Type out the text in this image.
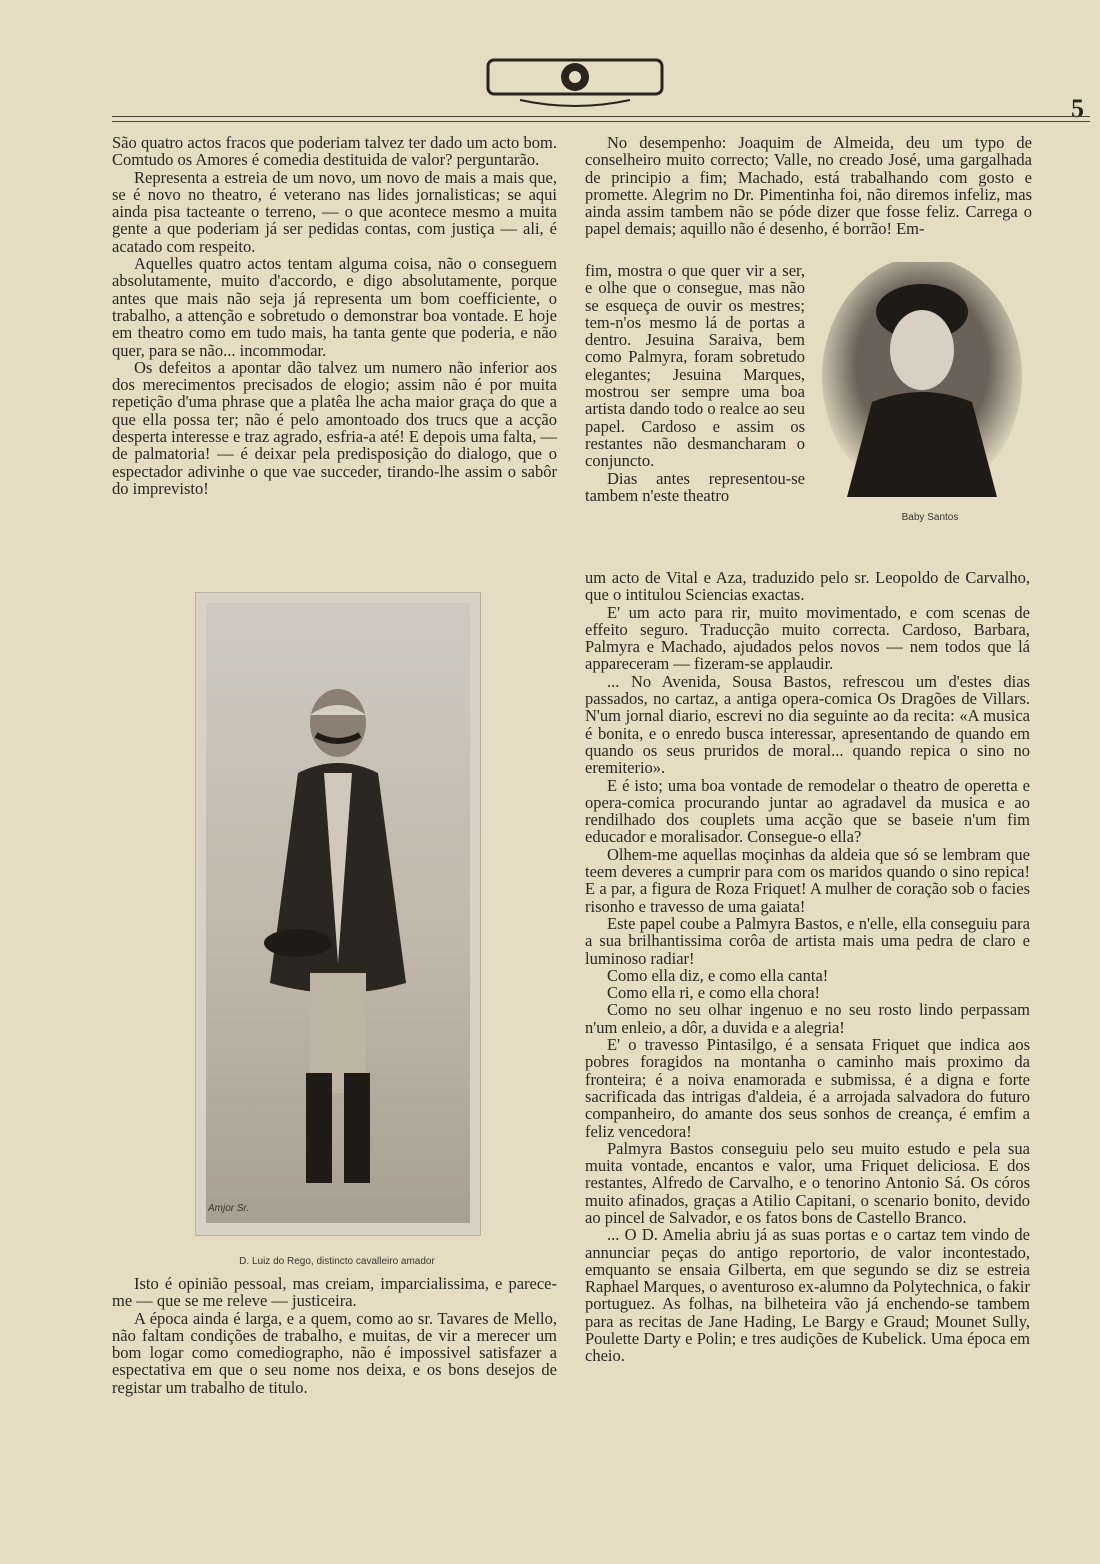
5

São quatro actos fracos que poderiam talvez ter dado um acto bom. Comtudo os Amores é comedia destituida de valor? perguntarão.

Representa a estreia de um novo, um novo de mais a mais que, se é novo no theatro, é veterano nas lides jornalisticas; se aqui ainda pisa tacteante o terreno, — o que acontece mesmo a muita gente a que poderiam já ser pedidas contas, com justiça — ali, é acatado com respeito.

Aquelles quatro actos tentam alguma coisa, não o conseguem absolutamente, muito d'accordo, e digo absolutamente, porque antes que mais não seja já representa um bom coefficiente, o trabalho, a attenção e sobretudo o demonstrar boa vontade. E hoje em theatro como em tudo mais, ha tanta gente que poderia, e não quer, para se não... incommodar.

Os defeitos a apontar dão talvez um numero não inferior aos dos merecimentos precisados de elogio; assim não é por muita repetição d'uma phrase que a platêa lhe acha maior graça do que a que ella possa ter; não é pelo amontoado dos trucs que a acção desperta interesse e traz agrado, esfria-a até! E depois uma falta, — de palmatoria! — é deixar pela predisposição do dialogo, que o espectador adivinhe o que vae succeder, tirando-lhe assim o sabôr do imprevisto!

Amjor Sr.
D. Luiz do Rego, distincto cavalleiro amador

Isto é opinião pessoal, mas creiam, imparcialissima, e parece-me — que se me releve — justiceira.

A época ainda é larga, e a quem, como ao sr. Tavares de Mello, não faltam condições de trabalho, e muitas, de vir a merecer um bom logar como comediographo, não é impossivel satisfazer a espectativa em que o seu nome nos deixa, e os bons desejos de registar um trabalho de titulo.

No desempenho: Joaquim de Almeida, deu um typo de conselheiro muito correcto; Valle, no creado José, uma gargalhada de principio a fim; Machado, está trabalhando com gosto e promette. Alegrim no Dr. Pimentinha foi, não diremos infeliz, mas ainda assim tambem não se póde dizer que fosse feliz. Carrega o papel demais; aquillo não é desenho, é borrão! Em-

fim, mostra o que quer vir a ser, e olhe que o consegue, mas não se esqueça de ouvir os mestres; tem-n'os mesmo lá de portas a dentro. Jesuina Saraiva, bem como Palmyra, foram sobretudo elegantes; Jesuina Marques, mostrou ser sempre uma boa artista dando todo o realce ao seu papel. Cardoso e assim os restantes não desmancharam o conjuncto.

Dias antes representou-se tambem n'este theatro

Baby Santos

um acto de Vital e Aza, traduzido pelo sr. Leopoldo de Carvalho, que o intitulou Sciencias exactas.

E' um acto para rir, muito movimentado, e com scenas de effeito seguro. Traducção muito correcta. Cardoso, Barbara, Palmyra e Machado, ajudados pelos novos — nem todos que lá appareceram — fizeram-se applaudir.

... No Avenida, Sousa Bastos, refrescou um d'estes dias passados, no cartaz, a antiga opera-comica Os Dragões de Villars. N'um jornal diario, escrevi no dia seguinte ao da recita: «A musica é bonita, e o enredo busca interessar, apresentando de quando em quando os seus pruridos de moral... quando repica o sino no eremiterio».

E é isto; uma boa vontade de remodelar o theatro de operetta e opera-comica procurando juntar ao agradavel da musica e ao rendilhado dos couplets uma acção que se baseie n'um fim educador e moralisador. Consegue-o ella?

Olhem-me aquellas moçinhas da aldeia que só se lembram que teem deveres a cumprir para com os maridos quando o sino repica! E a par, a figura de Roza Friquet! A mulher de coração sob o facies risonho e travesso de uma gaiata!

Este papel coube a Palmyra Bastos, e n'elle, ella conseguiu para a sua brilhantissima corôa de artista mais uma pedra de claro e luminoso radiar!

Como ella diz, e como ella canta!

Como ella ri, e como ella chora!

Como no seu olhar ingenuo e no seu rosto lindo perpassam n'um enleio, a dôr, a duvida e a alegria!

E' o travesso Pintasilgo, é a sensata Friquet que indica aos pobres foragidos na montanha o caminho mais proximo da fronteira; é a noiva enamorada e submissa, é a digna e forte sacrificada das intrigas d'aldeia, é a arrojada salvadora do futuro companheiro, do amante dos seus sonhos de creança, é emfim a feliz vencedora!

Palmyra Bastos conseguiu pelo seu muito estudo e pela sua muita vontade, encantos e valor, uma Friquet deliciosa. E dos restantes, Alfredo de Carvalho, e o tenorino Antonio Sá. Os córos muito afinados, graças a Atilio Capitani, o scenario bonito, devido ao pincel de Salvador, e os fatos bons de Castello Branco.

... O D. Amelia abriu já as suas portas e o cartaz tem vindo de annunciar peças do antigo reportorio, de valor incontestado, emquanto se ensaia Gilberta, em que segundo se diz se estreia Raphael Marques, o aventuroso ex-alumno da Polytechnica, o fakir portuguez. As folhas, na bilheteira vão já enchendo-se tambem para as recitas de Jane Hading, Le Bargy e Graud; Mounet Sully, Poulette Darty e Polin; e tres audições de Kubelick. Uma época em cheio.
